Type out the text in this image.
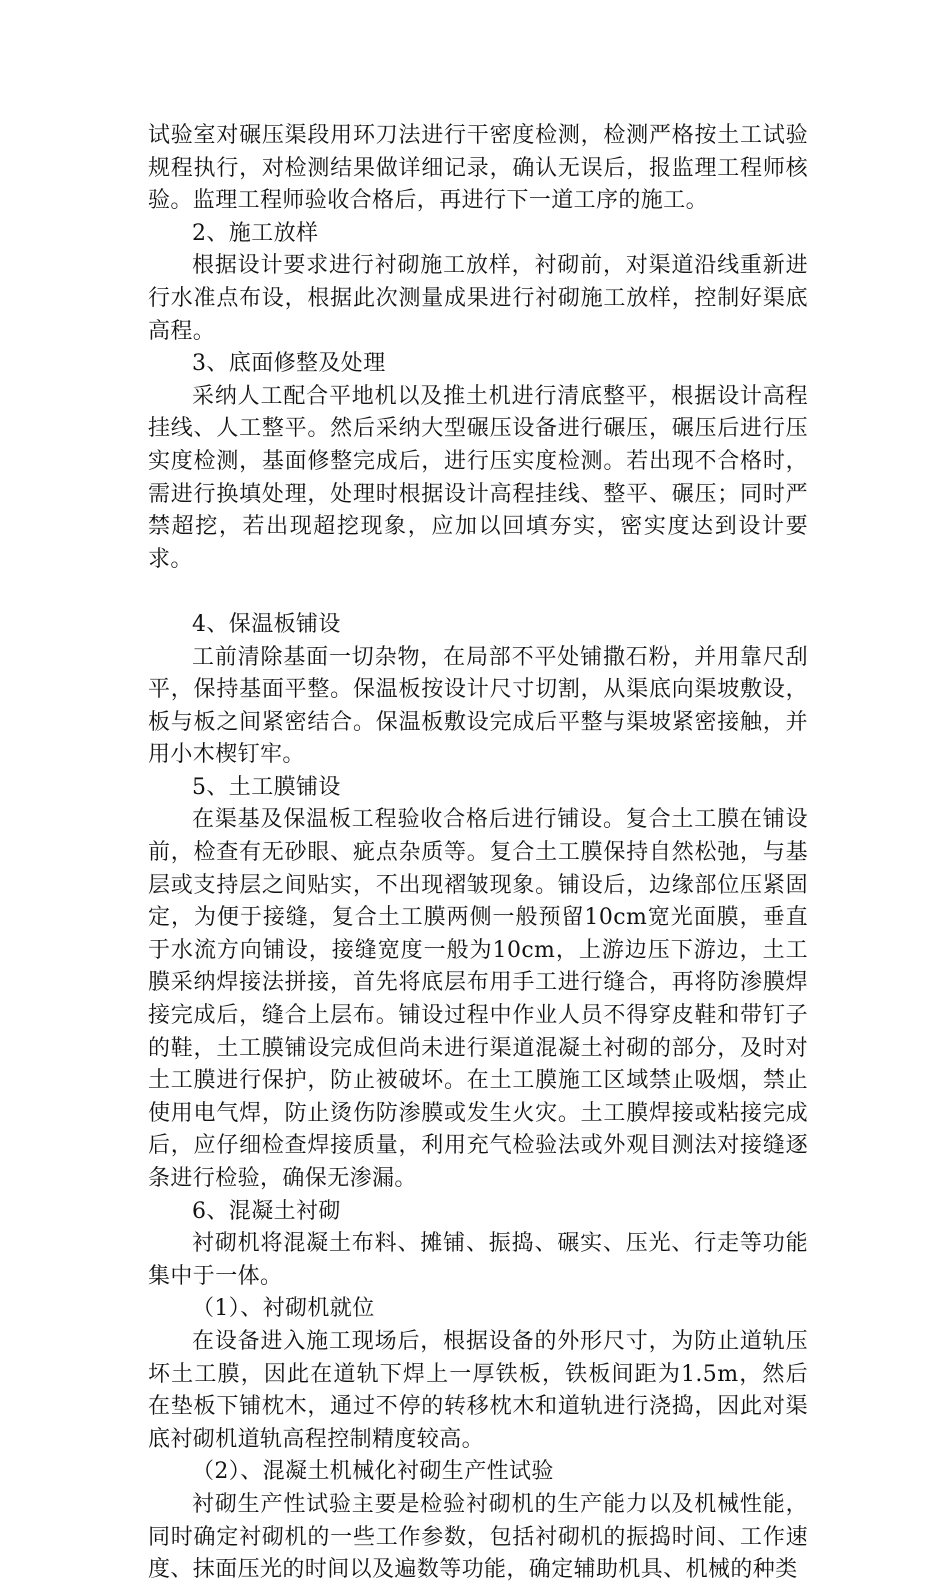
试验室对碾压渠段用环刀法进行干密度检测，检测严格按土工试验规程执行，对检测结果做详细记录，确认无误后，报监理工程师核验。监理工程师验收合格后，再进行下一道工序的施工。

2、施工放样

根据设计要求进行衬砌施工放样，衬砌前，对渠道沿线重新进行水准点布设，根据此次测量成果进行衬砌施工放样，控制好渠底高程。

3、底面修整及处理

采纳人工配合平地机以及推土机进行清底整平，根据设计高程挂线、人工整平。然后采纳大型碾压设备进行碾压，碾压后进行压实度检测，基面修整完成后，进行压实度检测。若出现不合格时，需进行换填处理，处理时根据设计高程挂线、整平、碾压；同时严禁超挖，若出现超挖现象，应加以回填夯实，密实度达到设计要求。

4、保温板铺设

工前清除基面一切杂物，在局部不平处铺撒石粉，并用靠尺刮平，保持基面平整。保温板按设计尺寸切割，从渠底向渠坡敷设，板与板之间紧密结合。保温板敷设完成后平整与渠坡紧密接触，并用小木楔钉牢。

5、土工膜铺设

在渠基及保温板工程验收合格后进行铺设。复合土工膜在铺设前，检查有无砂眼、疵点杂质等。复合土工膜保持自然松弛，与基层或支持层之间贴实，不出现褶皱现象。铺设后，边缘部位压紧固定，为便于接缝，复合土工膜两侧一般预留10cm宽光面膜，垂直于水流方向铺设，接缝宽度一般为10cm，上游边压下游边，土工膜采纳焊接法拼接，首先将底层布用手工进行缝合，再将防渗膜焊接完成后，缝合上层布。铺设过程中作业人员不得穿皮鞋和带钉子的鞋，土工膜铺设完成但尚未进行渠道混凝土衬砌的部分，及时对土工膜进行保护，防止被破坏。在土工膜施工区域禁止吸烟，禁止使用电气焊，防止烫伤防渗膜或发生火灾。土工膜焊接或粘接完成后，应仔细检查焊接质量，利用充气检验法或外观目测法对接缝逐条进行检验，确保无渗漏。

6、混凝土衬砌

衬砌机将混凝土布料、摊铺、振捣、碾实、压光、行走等功能集中于一体。

（1）、衬砌机就位

在设备进入施工现场后，根据设备的外形尺寸，为防止道轨压坏土工膜，因此在道轨下焊上一厚铁板，铁板间距为1.5m，然后在垫板下铺枕木，通过不停的转移枕木和道轨进行浇捣，因此对渠底衬砌机道轨高程控制精度较高。

（2）、混凝土机械化衬砌生产性试验

衬砌生产性试验主要是检验衬砌机的生产能力以及机械性能，同时确定衬砌机的一些工作参数，包括衬砌机的振捣时间、工作速度、抹面压光的时间以及遍数等功能，确定辅助机具、机械的种类
